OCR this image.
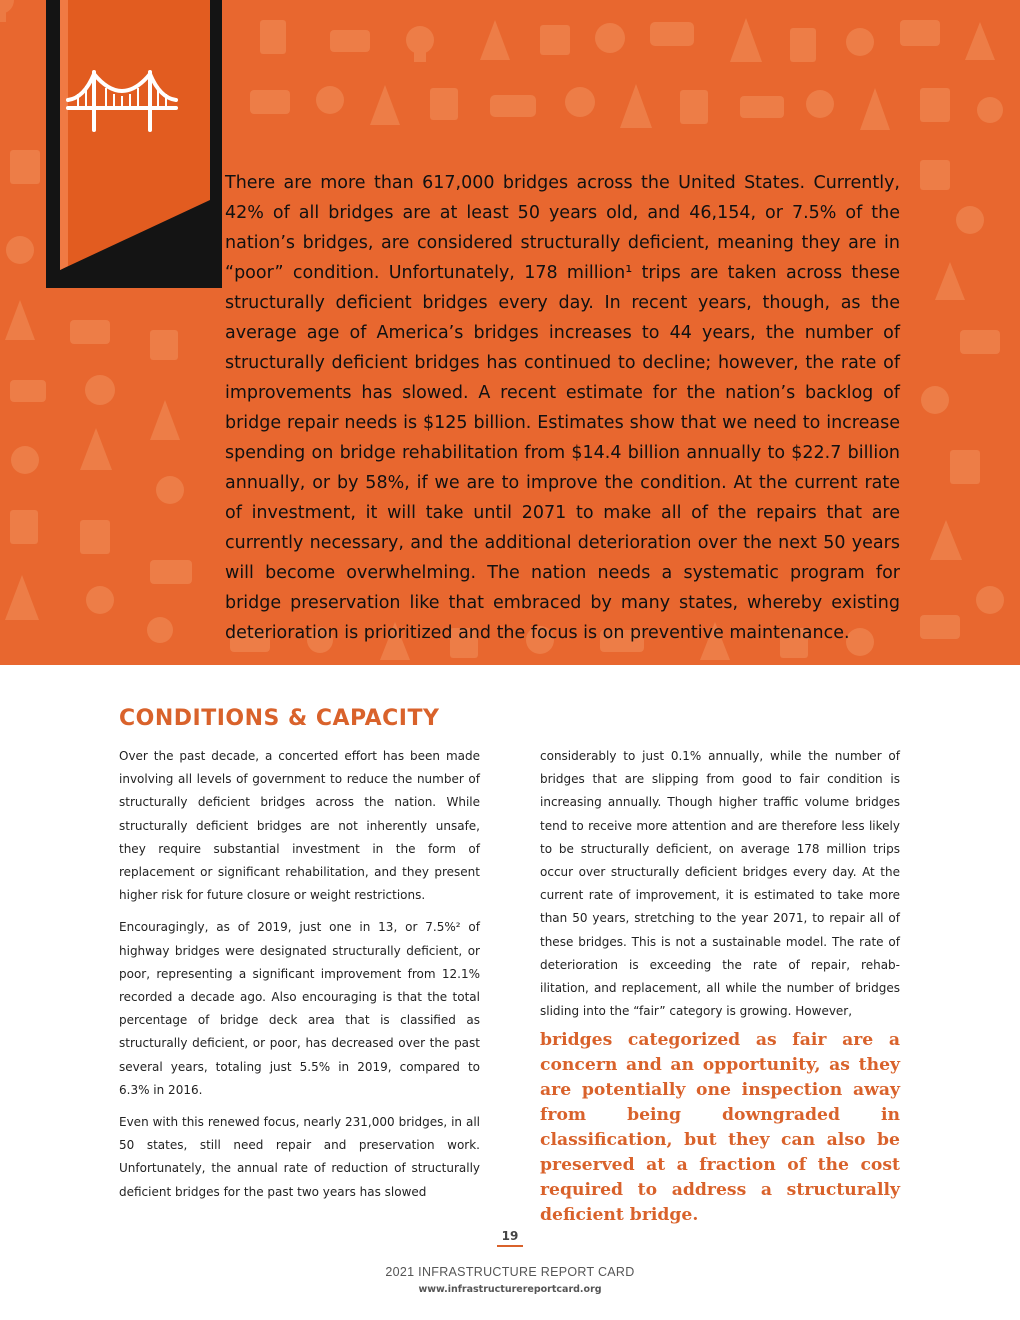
There are more than 617,000 bridges across the United States. Currently, 42% of all bridges are at least 50 years old, and 46,154, or 7.5% of the nation’s bridges, are considered structurally deficient, meaning they are in “poor” condition. Unfortunately, 178 million¹ trips are taken across these structurally deficient bridges every day. In recent years, though, as the average age of America’s bridges increases to 44 years, the number of structurally deficient bridges has continued to decline; however, the rate of improvements has slowed. A recent estimate for the nation’s backlog of bridge repair needs is $125 billion. Estimates show that we need to increase spending on bridge rehabilitation from $14.4 billion annually to $22.7 billion annually, or by 58%, if we are to improve the condition. At the current rate of investment, it will take until 2071 to make all of the repairs that are currently necessary, and the additional deterioration over the next 50 years will become overwhelming. The nation needs a systematic program for bridge preservation like that embraced by many states, whereby existing deterioration is prioritized and the focus is on preventive maintenance.

CONDITIONS & CAPACITY

Over the past decade, a concerted effort has been made involving all levels of government to reduce the number of structurally deficient bridges across the nation. While structurally deficient bridges are not inherently unsafe, they require substantial investment in the form of replacement or significant rehabilitation, and they present higher risk for future closure or weight restrictions.

Encouragingly, as of 2019, just one in 13, or 7.5%² of highway bridges were designated structurally deficient, or poor, representing a significant improvement from 12.1% recorded a decade ago. Also encouraging is that the total percentage of bridge deck area that is classified as structurally deficient, or poor, has decreased over the past several years, totaling just 5.5% in 2019, compared to 6.3% in 2016.

Even with this renewed focus, nearly 231,000 bridges, in all 50 states, still need repair and preservation work. Unfortunately, the annual rate of reduction of structurally deficient bridges for the past two years has slowed

considerably to just 0.1% annually, while the number of bridges that are slipping from good to fair condition is increasing annually. Though higher traffic volume bridges tend to receive more attention and are therefore less likely to be structurally deficient, on average 178 million trips occur over structurally deficient bridges every day. At the current rate of improvement, it is estimated to take more than 50 years, stretching to the year 2071, to repair all of these bridges. This is not a sustainable model. The rate of deterioration is exceeding the rate of repair, rehab- ilitation, and replacement, all while the number of bridges sliding into the “fair” category is growing. However,

bridges categorized as fair are a concern and an opportunity, as they are potentially one inspection away from being downgraded in classification, but they can also be preserved at a fraction of the cost required to address a structurally deficient bridge.

19
2021 INFRASTRUCTURE REPORT CARD
www.infrastructurereportcard.org
